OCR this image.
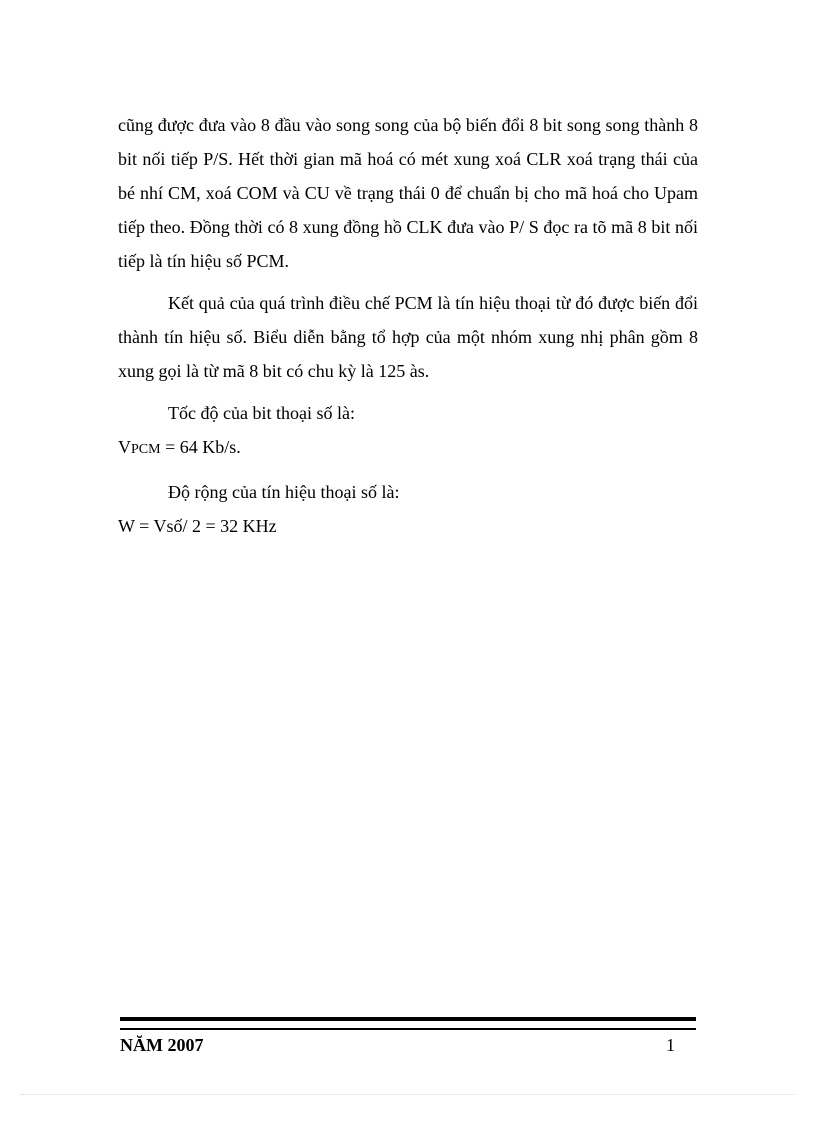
cũng được đưa vào 8 đầu vào song song của bộ biến đổi 8 bit song song thành 8 bit nối tiếp P/S. Hết thời gian mã hoá có mét xung xoá CLR xoá trạng thái của bé nhí CM, xoá COM và CU về trạng thái 0 để chuẩn bị cho mã hoá cho Upam tiếp theo. Đồng thời có 8 xung đồng hồ CLK đưa vào P/ S đọc ra tõ mã 8 bit nối tiếp là tín hiệu số PCM.

Kết quả của quá trình điều chế PCM là tín hiệu thoại từ đó được biến đổi thành tín hiệu số. Biểu diễn bằng tổ hợp của một nhóm xung nhị phân gồm 8 xung gọi là từ mã 8 bit có chu kỳ là 125 às.

Tốc độ của bit thoại số là:

VPCM = 64 Kb/s.

Độ rộng của tín hiệu thoại số là:

W = Vsố/ 2 = 32 KHz

NĂM 2007	1
